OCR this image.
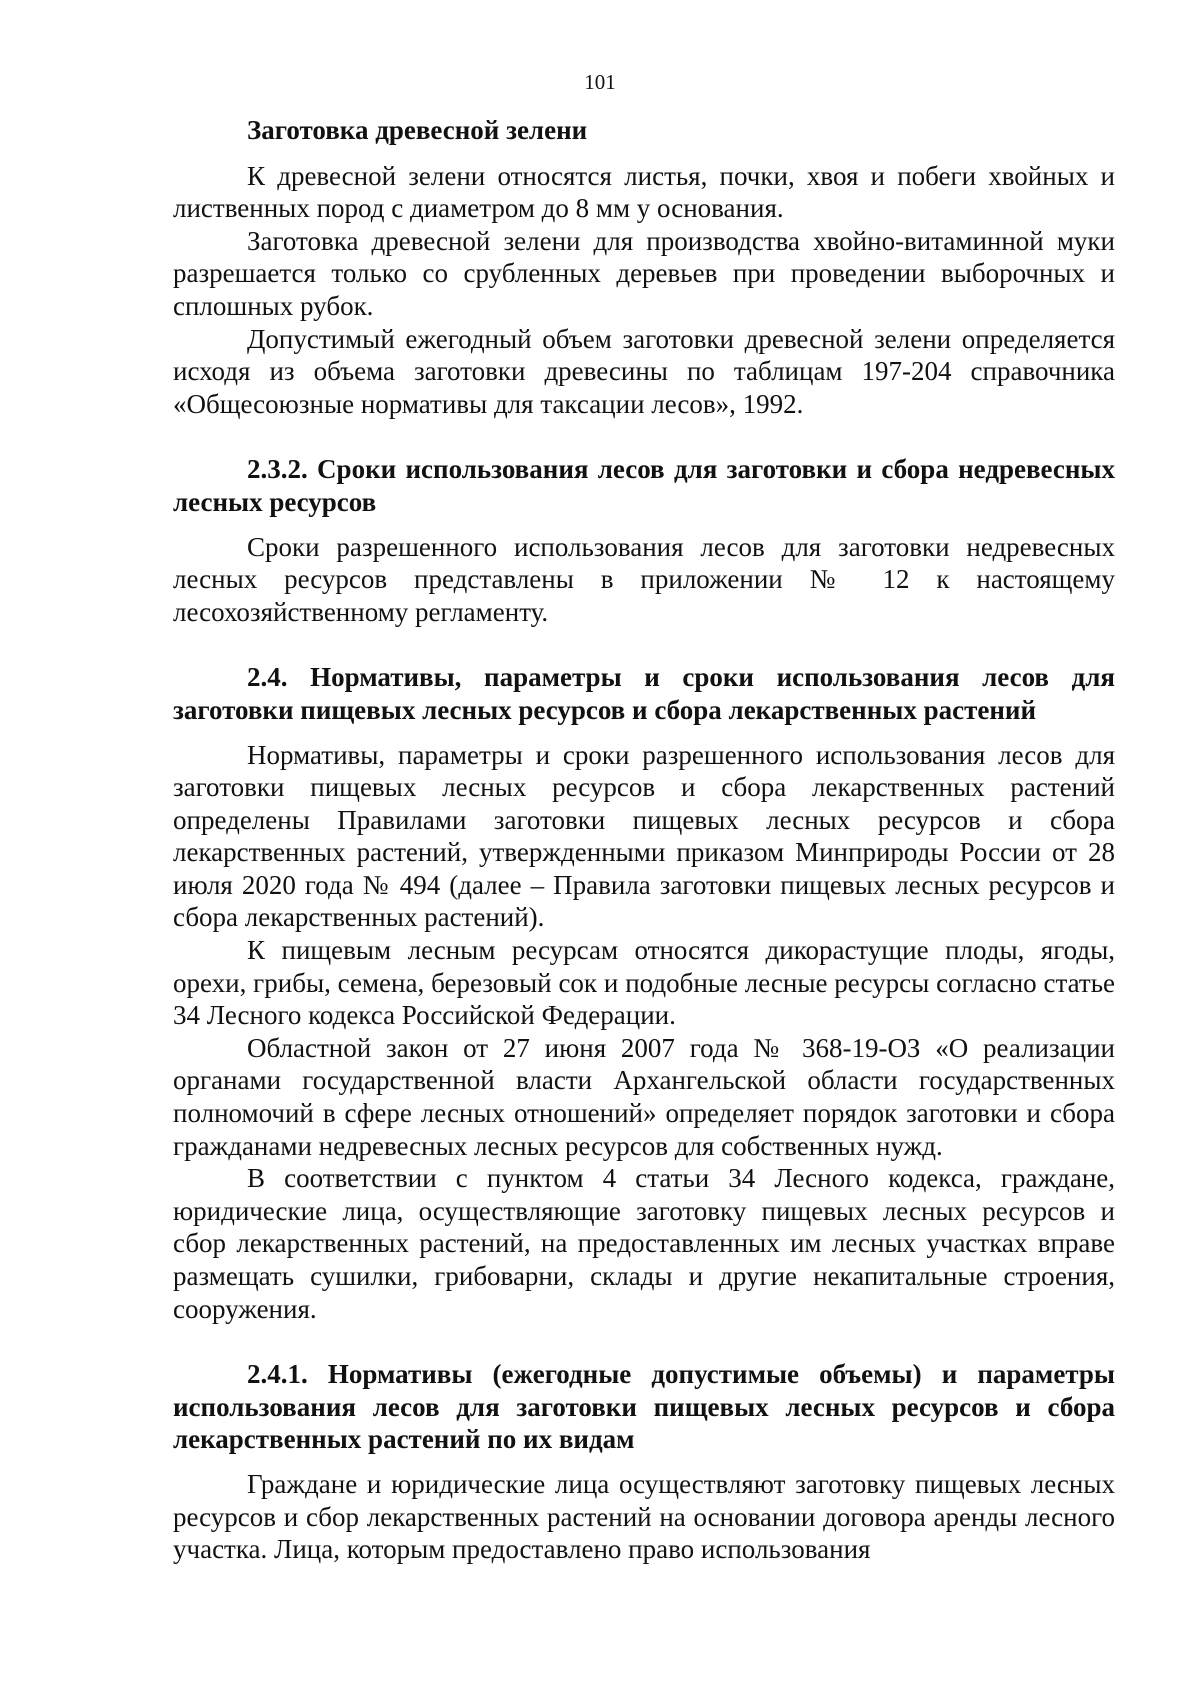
101
Заготовка древесной зелени

К древесной зелени относятся листья, почки, хвоя и побеги хвойных и лиственных пород с диаметром до 8 мм у основания.

Заготовка древесной зелени для производства хвойно-витаминной муки разрешается только со срубленных деревьев при проведении выборочных и сплошных рубок.

Допустимый ежегодный объем заготовки древесной зелени определяется исходя из объема заготовки древесины по таблицам 197-204 справочника «Общесоюзные нормативы для таксации лесов», 1992.

2.3.2. Сроки использования лесов для заготовки и сбора недревесных лесных ресурсов

Сроки разрешенного использования лесов для заготовки недревесных лесных ресурсов представлены в приложении № 12 к настоящему лесохозяйственному регламенту.

2.4. Нормативы, параметры и сроки использования лесов для заготовки пищевых лесных ресурсов и сбора лекарственных растений

Нормативы, параметры и сроки разрешенного использования лесов для заготовки пищевых лесных ресурсов и сбора лекарственных растений определены Правилами заготовки пищевых лесных ресурсов и сбора лекарственных растений, утвержденными приказом Минприроды России от 28 июля 2020 года № 494 (далее – Правила заготовки пищевых лесных ресурсов и сбора лекарственных растений).

К пищевым лесным ресурсам относятся дикорастущие плоды, ягоды, орехи, грибы, семена, березовый сок и подобные лесные ресурсы согласно статье 34 Лесного кодекса Российской Федерации.

Областной закон от 27 июня 2007 года № 368-19-ОЗ «О реализации органами государственной власти Архангельской области государственных полномочий в сфере лесных отношений» определяет порядок заготовки и сбора гражданами недревесных лесных ресурсов для собственных нужд.

В соответствии с пунктом 4 статьи 34 Лесного кодекса, граждане, юридические лица, осуществляющие заготовку пищевых лесных ресурсов и сбор лекарственных растений, на предоставленных им лесных участках вправе размещать сушилки, грибоварни, склады и другие некапитальные строения, сооружения.

2.4.1. Нормативы (ежегодные допустимые объемы) и параметры использования лесов для заготовки пищевых лесных ресурсов и сбора лекарственных растений по их видам

Граждане и юридические лица осуществляют заготовку пищевых лесных ресурсов и сбор лекарственных растений на основании договора аренды лесного участка. Лица, которым предоставлено право использования
